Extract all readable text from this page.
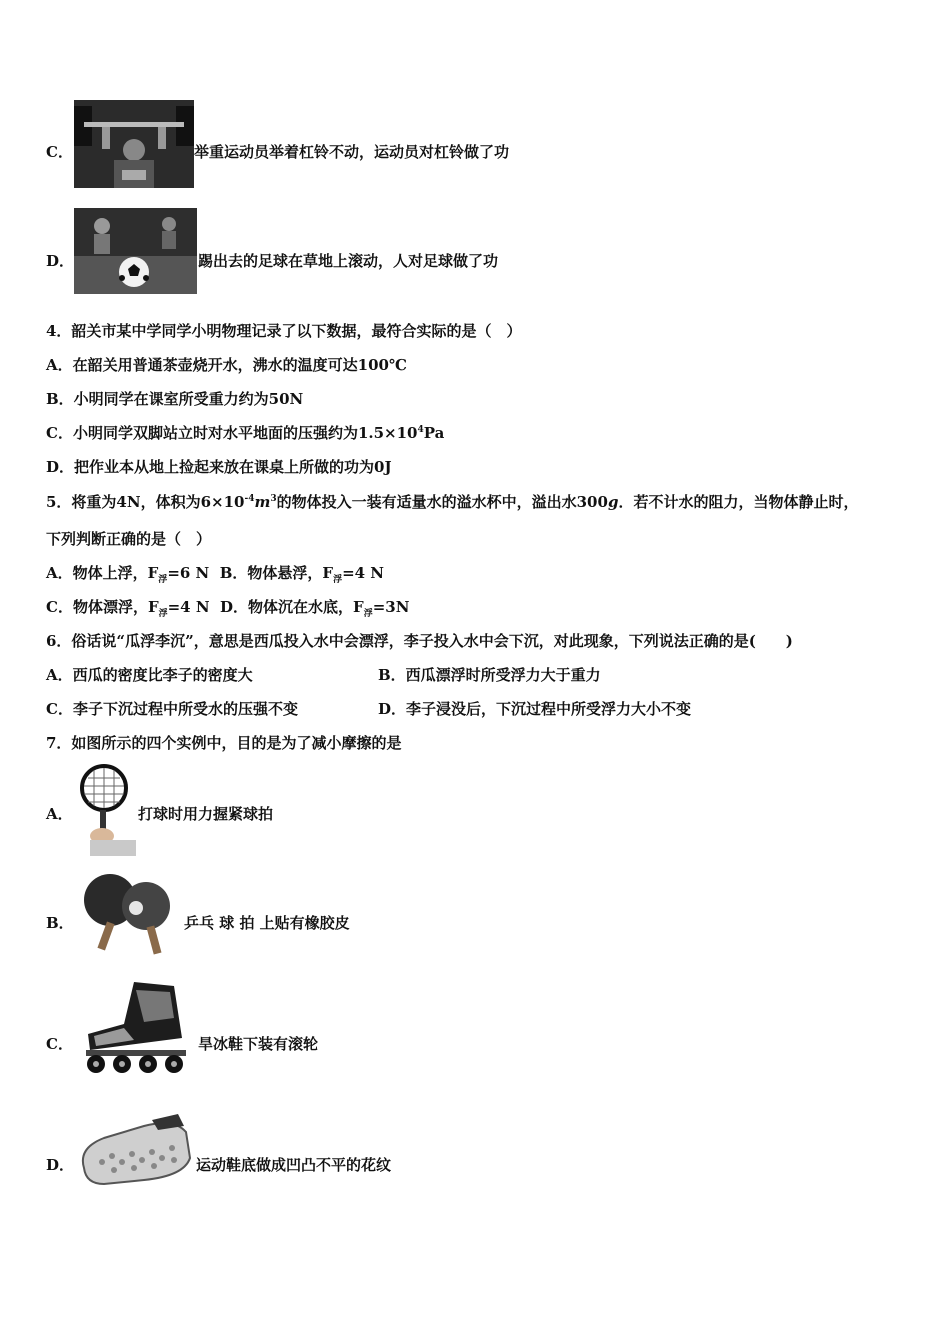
C．	举重运动员举着杠铃不动，运动员对杠铃做了功
D．	踢出去的足球在草地上滚动，人对足球做了功
4．韶关市某中学同学小明物理记录了以下数据，最符合实际的是（　）
A．在韶关用普通茶壶烧开水，沸水的温度可达100℃
B．小明同学在课室所受重力约为50N
C．小明同学双脚站立时对水平地面的压强约为$1.5\times 10^4Pa$
D．把作业本从地上捡起来放在课桌上所做的功为0J
5．将重为4N，体积为$6\times 10^{-4}m^3$的物体投入一装有适量水的溢水杯中，溢出水300g．若不计水的阻力，当物体静止时，
下列判断正确的是（　）
A．物体上浮，$F_浮=6$ N B．物体悬浮，$F_浮=4$ N
C．物体漂浮，$F_浮=4$ N D．物体沉在水底，$F_浮=3N$
6．俗话说“瓜浮李沉”，意思是西瓜投入水中会漂浮，李子投入水中会下沉，对此现象，下列说法正确的是(　　)
A．西瓜的密度比李子的密度大	B．西瓜漂浮时所受浮力大于重力
C．李子下沉过程中所受水的压强不变	D．李子浸没后，下沉过程中所受浮力大小不变
7．如图所示的四个实例中，目的是为了减小摩擦的是
A．	打球时用力握紧球拍
B．	乒乓 球 拍 上贴有橡胶皮
C．	旱冰鞋下装有滚轮
D．	运动鞋底做成凹凸不平的花纹
